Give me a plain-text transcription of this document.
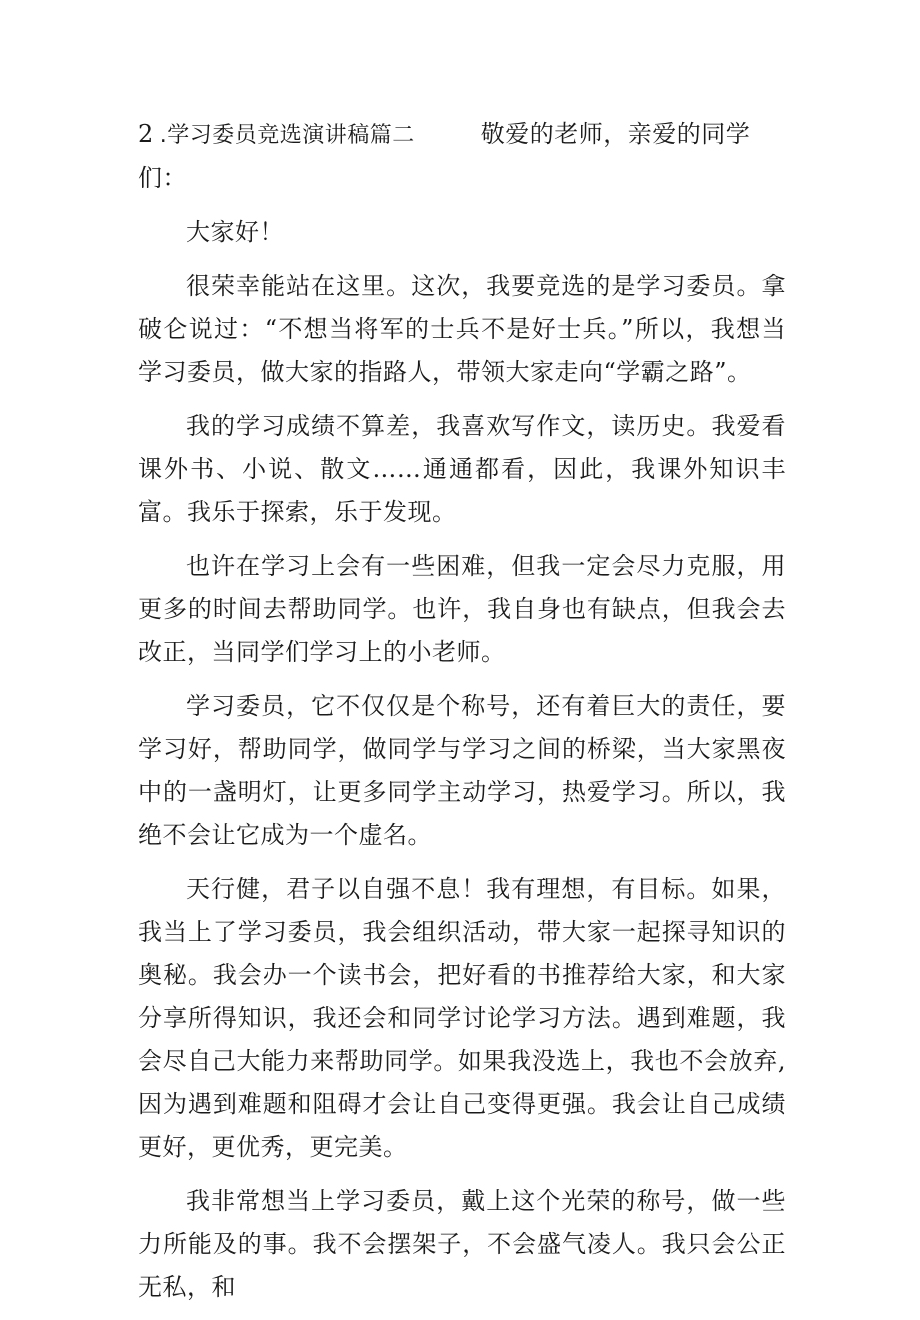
2 .学习委员竞选演讲稿篇二	敬爱的老师，亲爱的同学

们：

大家好！

很荣幸能站在这里。这次，我要竞选的是学习委员。拿破仑说过：“不想当将军的士兵不是好士兵。”所以，我想当学习委员，做大家的指路人，带领大家走向“学霸之路”。

我的学习成绩不算差，我喜欢写作文，读历史。我爱看课外书、小说、散文……通通都看，因此，我课外知识丰富。我乐于探索，乐于发现。

也许在学习上会有一些困难，但我一定会尽力克服，用更多的时间去帮助同学。也许，我自身也有缺点，但我会去改正，当同学们学习上的小老师。

学习委员，它不仅仅是个称号，还有着巨大的责任，要学习好，帮助同学，做同学与学习之间的桥梁，当大家黑夜中的一盏明灯，让更多同学主动学习，热爱学习。所以，我绝不会让它成为一个虚名。

天行健，君子以自强不息！我有理想，有目标。如果，我当上了学习委员，我会组织活动，带大家一起探寻知识的奥秘。我会办一个读书会，把好看的书推荐给大家，和大家分享所得知识，我还会和同学讨论学习方法。遇到难题，我会尽自己大能力来帮助同学。如果我没选上，我也不会放弃,因为遇到难题和阻碍才会让自己变得更强。我会让自己成绩更好，更优秀，更完美。

我非常想当上学习委员，戴上这个光荣的称号，做一些力所能及的事。我不会摆架子，不会盛气凌人。我只会公正无私，和
